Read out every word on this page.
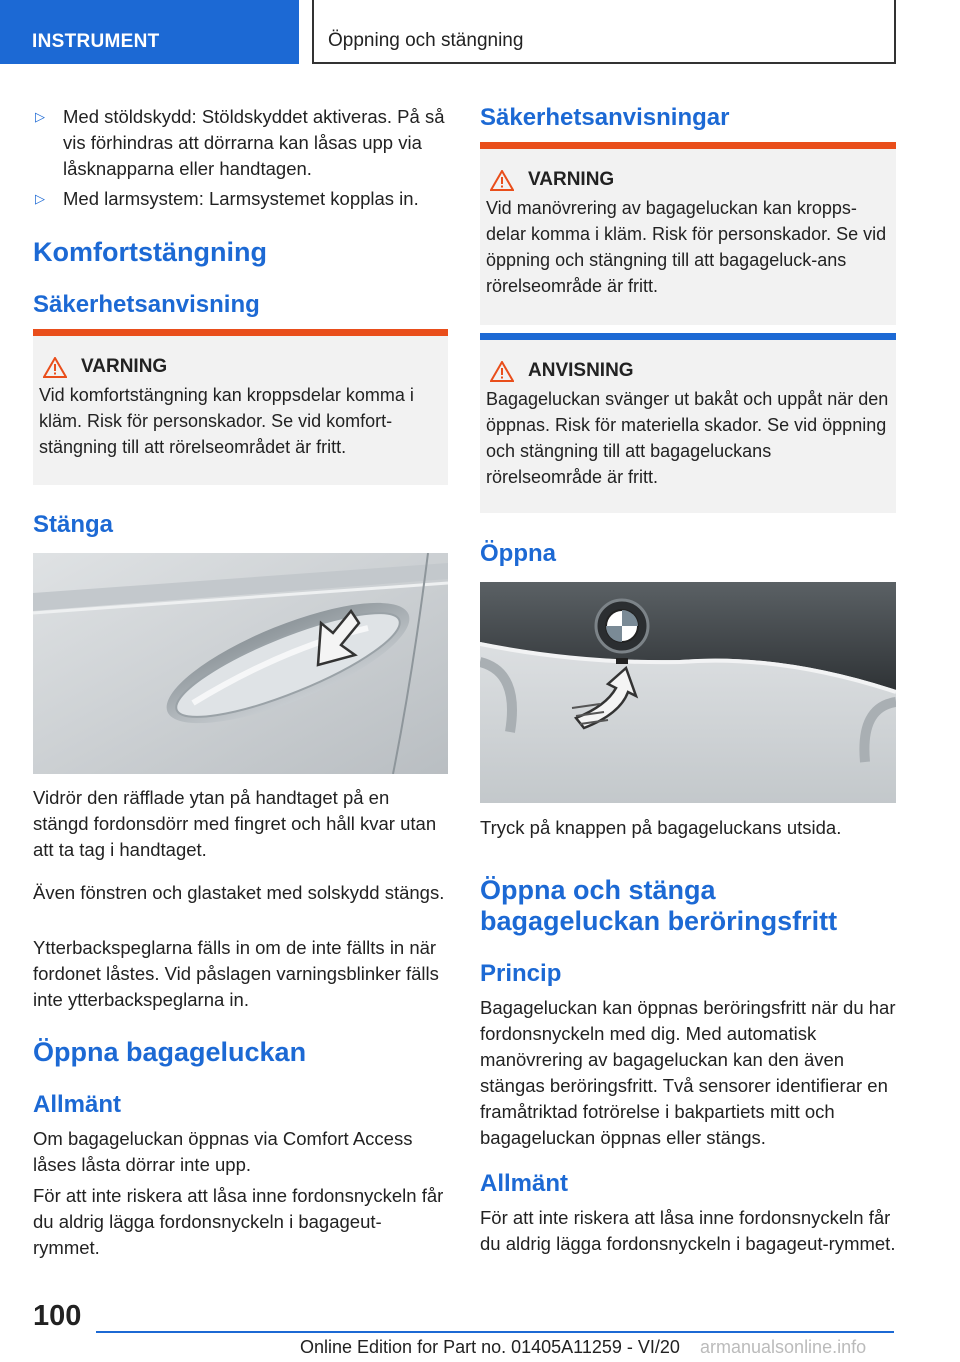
INSTRUMENT	Öppning och stängning
▷ Med stöldskydd: Stöldskyddet aktiveras. På så vis förhindras att dörrarna kan låsas upp via låsknapparna eller handtagen.

▷ Med larmsystem: Larmsystemet kopplas in.

Komfortstängning
Säkerhetsanvisning
VARNING

Vid komfortstängning kan kroppsdelar komma i kläm. Risk för personskador. Se vid komfort-stängning till att rörelseområdet är fritt.

Stänga

Vidrör den räfflade ytan på handtaget på en stängd fordonsdörr med fingret och håll kvar utan att ta tag i handtaget.

Även fönstren och glastaket med solskydd stängs.

Ytterbackspeglarna fälls in om de inte fällts in när fordonet låstes. Vid påslagen varningsblinker fälls inte ytterbackspeglarna in.

Öppna bagageluckan
Allmänt

Om bagageluckan öppnas via Comfort Access låses låsta dörrar inte upp.

För att inte riskera att låsa inne fordonsnyckeln får du aldrig lägga fordonsnyckeln i bagageut-rymmet.

Säkerhetsanvisningar
VARNING

Vid manövrering av bagageluckan kan kropps-delar komma i kläm. Risk för personskador. Se vid öppning och stängning till att bagageluck-ans rörelseområde är fritt.

ANVISNING

Bagageluckan svänger ut bakåt och uppåt när den öppnas. Risk för materiella skador. Se vid öppning och stängning till att bagageluckans rörelseområde är fritt.

Öppna

Tryck på knappen på bagageluckans utsida.

Öppna och stänga bagageluckan beröringsfritt
Princip

Bagageluckan kan öppnas beröringsfritt när du har fordonsnyckeln med dig. Med automatisk manövrering av bagageluckan kan den även stängas beröringsfritt. Två sensorer identifierar en framåtriktad fotrörelse i bakpartiets mitt och bagageluckan öppnas eller stängs.

Allmänt

För att inte riskera att låsa inne fordonsnyckeln får du aldrig lägga fordonsnyckeln i bagageut-rymmet.

100
Online Edition for Part no. 01405A11259 - VI/20 armanualsonline.info
